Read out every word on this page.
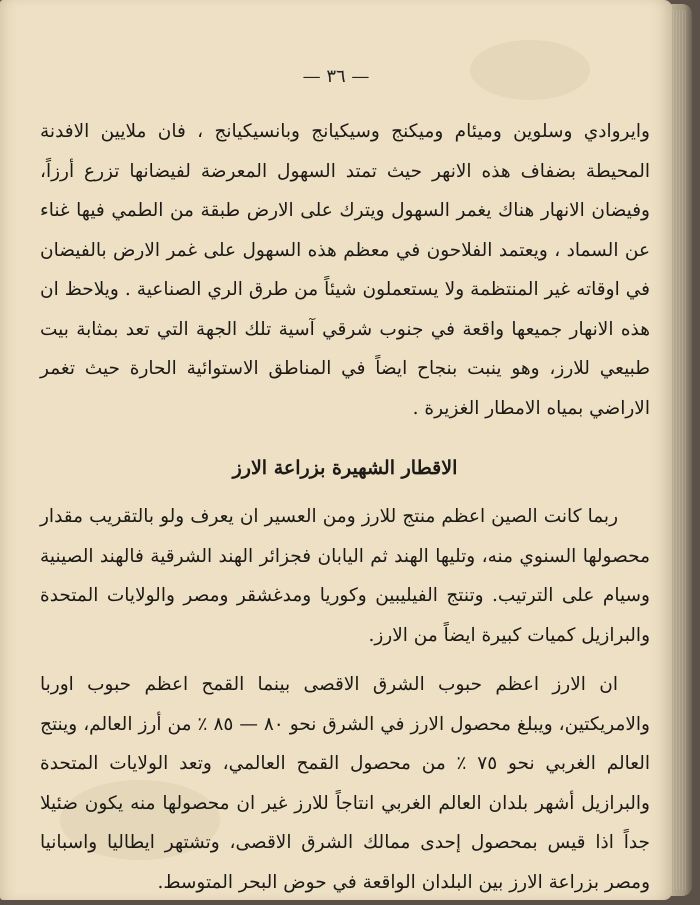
— ٣٦ —

وايروادي وسلوين وميئام وميكنج وسيكيانج وبانسيكيانج ، فان ملايين الافدنة المحيطة بضفاف هذه الانهر حيث تمتد السهول المعرضة لفيضانها تزرع أرزاً، وفيضان الانهار هناك يغمر السهول ويترك على الارض طبقة من الطمي فيها غناء عن السماد ، ويعتمد الفلاحون في معظم هذه السهول على غمر الارض بالفيضان في اوقاته غير المنتظمة ولا يستعملون شيئاً من طرق الري الصناعية . ويلاحظ ان هذه الانهار جميعها واقعة في جنوب شرقي آسية تلك الجهة التي تعد بمثابة بيت طبيعي للارز، وهو ينبت بنجاح ايضاً في المناطق الاستوائية الحارة حيث تغمر الاراضي بمياه الامطار الغزيرة .

الاقطار الشهيرة بزراعة الارز

ربما كانت الصين اعظم منتج للارز ومن العسير ان يعرف ولو بالتقريب مقدار محصولها السنوي منه، وتليها الهند ثم اليابان فجزائر الهند الشرقية فالهند الصينية وسيام على الترتيب. وتنتج الفيليبين وكوريا ومدغشقر ومصر والولايات المتحدة والبرازيل كميات كبيرة ايضاً من الارز.

ان الارز اعظم حبوب الشرق الاقصى بينما القمح اعظم حبوب اوربا والامريكتين، ويبلغ محصول الارز في الشرق نحو ٨٠ — ٨٥ ٪ من أرز العالم، وينتج العالم الغربي نحو ٧٥ ٪ من محصول القمح العالمي، وتعد الولايات المتحدة والبرازيل أشهر بلدان العالم الغربي انتاجاً للارز غير ان محصولها منه يكون ضئيلا جداً اذا قيس بمحصول إحدى ممالك الشرق الاقصى، وتشتهر ايطاليا واسبانيا ومصر بزراعة الارز بين البلدان الواقعة في حوض البحر المتوسط.
